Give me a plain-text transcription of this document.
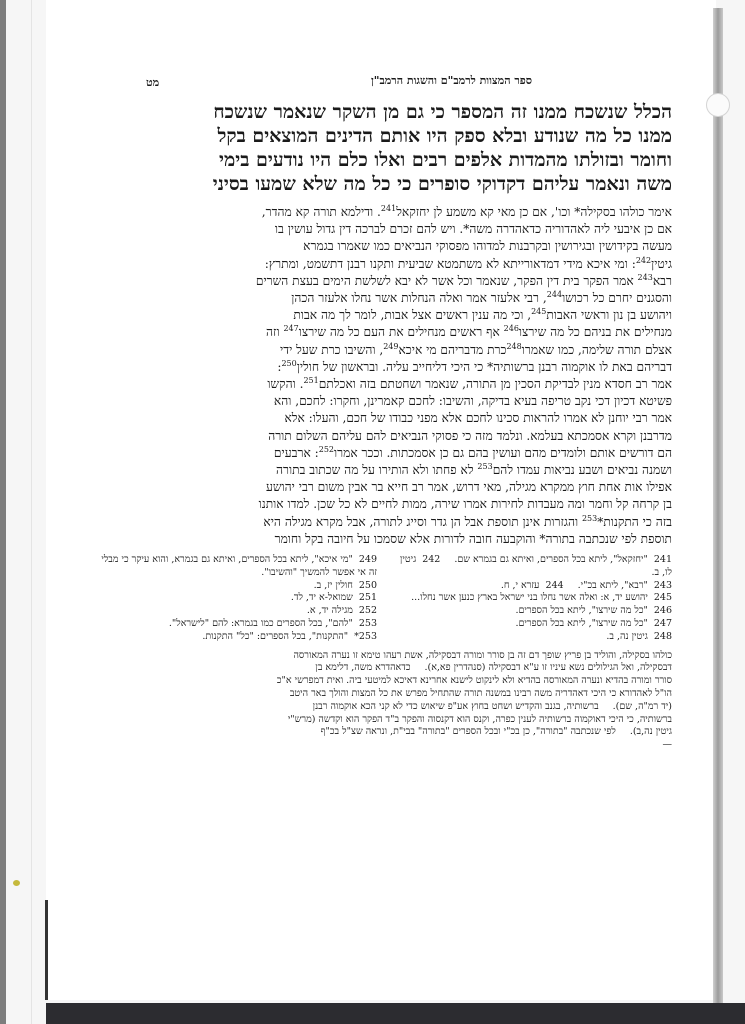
ספר המצוות לרמב"ם והשגות הרמב"ן
מט
הכלל שנשכח ממנו זה המספר כי גם מן השקר שנאמר שנשכח
ממנו כל מה שנודע ובלא ספק היו אותם הדינים המוצאים בקל
וחומר ובזולתו מהמדות אלפים רבים ואלו כלם היו נודעים בימי
משה ונאמר עליהם דקדוקי סופרים כי כל מה שלא שמעו בסיני
אימר כולהו בסקילה* וכו', אם כן מאי קא משמע לן יחזקאל$^{241}$. ודילמא תורה קא מהדר,
אם כן איבעי ליה לאהדוריה כדאהדרה משה*. ויש להם זכרם לברכה דין גדול עושין בו
מעשה בקידושין ובגירושין ובקרבנות למדוהו מפסוקי הנביאים כמו שאמרו בגמרא
גיטין$^{242}$: ומי איכא מידי דמדאורייתא לא משתמטא שביעית ותקנו רבנן דתשמט, ומתרץ:
רבא$^{243}$ אמר הפקר בית דין הפקר, שנאמר וכל אשר לא יבא לשלשת הימים בעצת השרים
והסגנים יחרם כל רכושו$^{244}$, רבי אלעזר אמר ואלה הנחלות אשר נחלו אלעזר הכהן
ויהושע בן נון וראשי האבות$^{245}$, וכי מה ענין ראשים אצל אבות, לומר לך מה אבות
מנחילים את בניהם כל מה שירצו$^{246}$ אף ראשים מנחילים את העם כל מה שירצו$^{247}$ וזה
אצלם תורה שלימה, כמו שאמרו$^{248}$כרת מדבריהם מי איכא$^{249}$, והשיבו כרת שעל ידי
דבריהם באת לו אוקמוה רבנן ברשותיה* כי היכי דליחייב עליה. ובראשון של חולין$^{250}$:
אמר רב חסדא מנין לבדיקת הסכין מן התורה, שנאמר ושחטתם בזה ואכלתם$^{251}$. והקשו
פשיטא דכיון דכי נקב טריפה בעיא בדיקה, והשיבו: לחכם קאמרינן, וחקרו: לחכם, והא
אמר רבי יוחנן לא אמרו להראות סכינו לחכם אלא מפני כבודו של חכם, והעלו: אלא
מדרבנן וקרא אסמכתא בעלמא. ונלמד מזה כי פסוקי הנביאים להם עליהם השלום תורה
הם דורשים אותם ולומדים מהם ועושין בהם גם כן אסמכתות. וככר אמרו$^{252}$: ארבעים
ושמנה נביאים ושבע נביאות עמדו להם$^{253}$ לא פחתו ולא הותירו על מה שכתוב בתורה
אפילו אות אחת חוץ ממקרא מגילה, מאי דרוש, אמר רב חייא בר אבין משום רבי יהושע
בן קרחה קל וחמר ומה מעבדות לחירות אמרו שירה, ממות לחיים לא כל שכן. למדו אותנו
בזה כי התקנות*$^{253}$ והגזרות אינן תוספת אבל הן גדר וסייג לתורה, אבל מקרא מגילה היא
תוספת לפי שנכתבה בתורה* והוקבעה חובה לדורות אלא שסמכו על חיובה בקל וחומר
241"יחזקאל", ליתא בכל הספרים, ואיתא גם בגמרא שם.242גיטין לו, ב.
243"רבא", ליתא בכ"י.244עזרא י, ח.
245יהושע יד, א: ואלה אשר נחלו בני ישראל בארץ כנען אשר נחלו...
246"כל מה שירצו", ליתא בכל הספרים.
247"כל מה שירצו", ליתא בכל הספרים.
248גיטין נה, ב.
249"מי איכא", ליתא בכל הספרים, ואיתא גם בגמרא, והוא עיקר כי מבלי זה אי אפשר להמשיך "והשיבו".
250חולין יז, ב.
251שמואל-א יד, לד.
252מגילה יד, א.
253"להם", בכל הספרים כמו בגמרא: להם "לישראל".
253*"התקנות", בכל הספרים: "כל" התקנות.
כולהו בסקילה, והוליד בן פריץ שופך דם זה בן סורר ומורה דבסקילה, אשת רעהו טימא זו נערה המאורסה
דבסקילה, ואל הגילולים נשא עיניו זו ע"א דבסקילה (סנהדרין פא,א).כדאהדרא משה, דלימא בן
סורר ומורה בהדיא ונערה המאורסה בהדיא ולא לינקוט לישנא אחרינא דאיכא למיטעי ביה. ואית דמפרשי א"כ
הו"ל לאהדורא כי היכי דאהדריה משה רבינו במשנה תורה שהתחיל מפרש את כל המצות והולך באר היטב
(יד רמ"ה, שם).ברשותיה, בגנב והקדיש ושחט בחוץ אע"פ שיאוש כדי לא קני הכא אוקמוה רבנן
ברשותיה, כי היכי דאוקמוה ברשותיה לענין כפרה, וקנס הוא דקנסוה והפקר ב"ד הפקר הוא וקדשה (מרש"י
גיטין נה,ב).לפי שנכתבה "בתורה", כן בכ"י ובכל הספרים "בתורה" בבי"ת, ונראה שצ"ל בכ"ף
—
